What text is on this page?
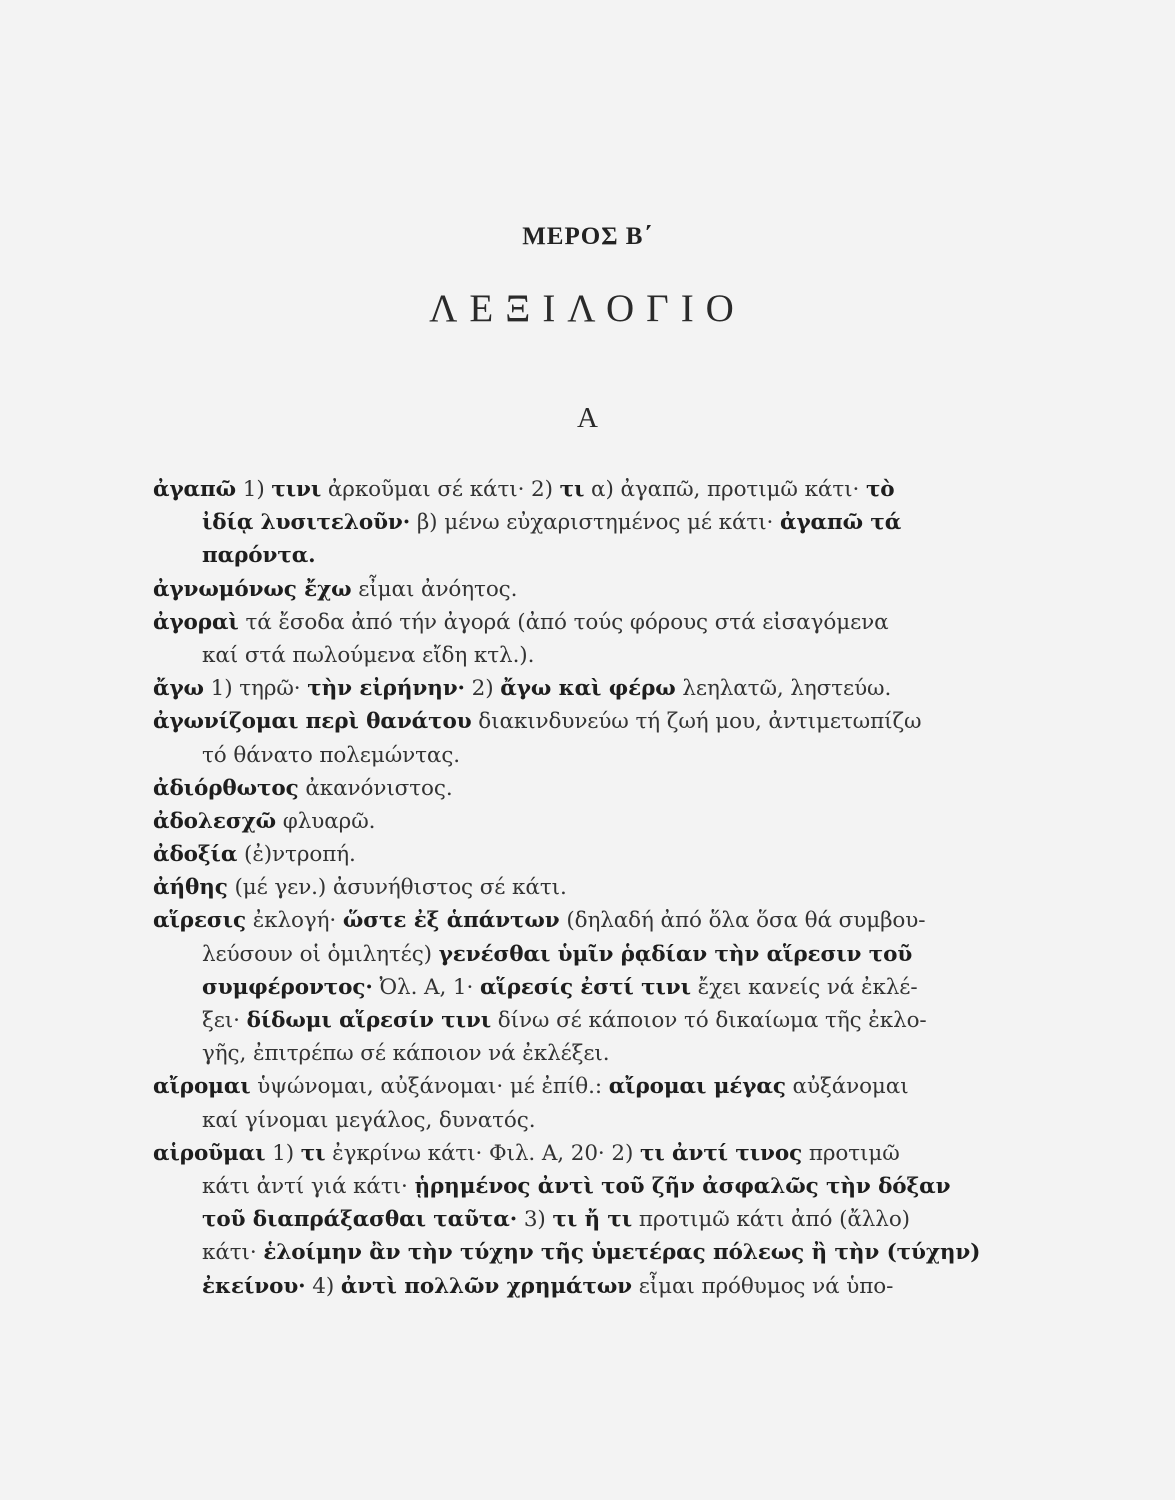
ΜΕΡΟΣ Β΄
ΛΕΞΙΛΟΓΙΟ
Α
ἀγαπῶ 1) τινι ἀρκοῦμαι σέ κάτι· 2) τι α) ἀγαπῶ, προτιμῶ κάτι· τὸ
ἰδίᾳ λυσιτελοῦν· β) μένω εὐχαριστημένος μέ κάτι· ἀγαπῶ τά
παρόντα.
ἀγνωμόνως ἔχω εἶμαι ἀνόητος.
ἀγοραὶ τά ἔσοδα ἀπό τήν ἀγορά (ἀπό τούς φόρους στά εἰσαγόμενα
καί στά πωλούμενα εἴδη κτλ.).
ἄγω 1) τηρῶ· τὴν εἰρήνην· 2) ἄγω καὶ φέρω λεηλατῶ, ληστεύω.
ἀγωνίζομαι περὶ θανάτου διακινδυνεύω τή ζωή μου, ἀντιμετωπίζω
τό θάνατο πολεμώντας.
ἀδιόρθωτος ἀκανόνιστος.
ἀδολεσχῶ φλυαρῶ.
ἀδοξία (ἐ)ντροπή.
ἀήθης (μέ γεν.) ἀσυνήθιστος σέ κάτι.
αἵρεσις ἐκλογή· ὥστε ἐξ ἁπάντων (δηλαδή ἀπό ὅλα ὅσα θά συμβου-
λεύσουν οἱ ὁμιλητές) γενέσθαι ὑμῖν ῥᾳδίαν τὴν αἵρεσιν τοῦ
συμφέροντος· Ὀλ. Α, 1· αἵρεσίς ἐστί τινι ἔχει κανείς νά ἐκλέ-
ξει· δίδωμι αἵρεσίν τινι δίνω σέ κάποιον τό δικαίωμα τῆς ἐκλο-
γῆς, ἐπιτρέπω σέ κάποιον νά ἐκλέξει.
αἴρομαι ὑψώνομαι, αὐξάνομαι· μέ ἐπίθ.: αἴρομαι μέγας αὐξάνομαι
καί γίνομαι μεγάλος, δυνατός.
αἱροῦμαι 1) τι ἐγκρίνω κάτι· Φιλ. Α, 20· 2) τι ἀντί τινος προτιμῶ
κάτι ἀντί γιά κάτι· ᾑρημένος ἀντὶ τοῦ ζῆν ἀσφαλῶς τὴν δόξαν
τοῦ διαπράξασθαι ταῦτα· 3) τι ἤ τι προτιμῶ κάτι ἀπό (ἄλλο)
κάτι· ἑλοίμην ἂν τὴν τύχην τῆς ὑμετέρας πόλεως ἢ τὴν (τύχην)
ἐκείνου· 4) ἀντὶ πολλῶν χρημάτων εἶμαι πρόθυμος νά ὑπο-
